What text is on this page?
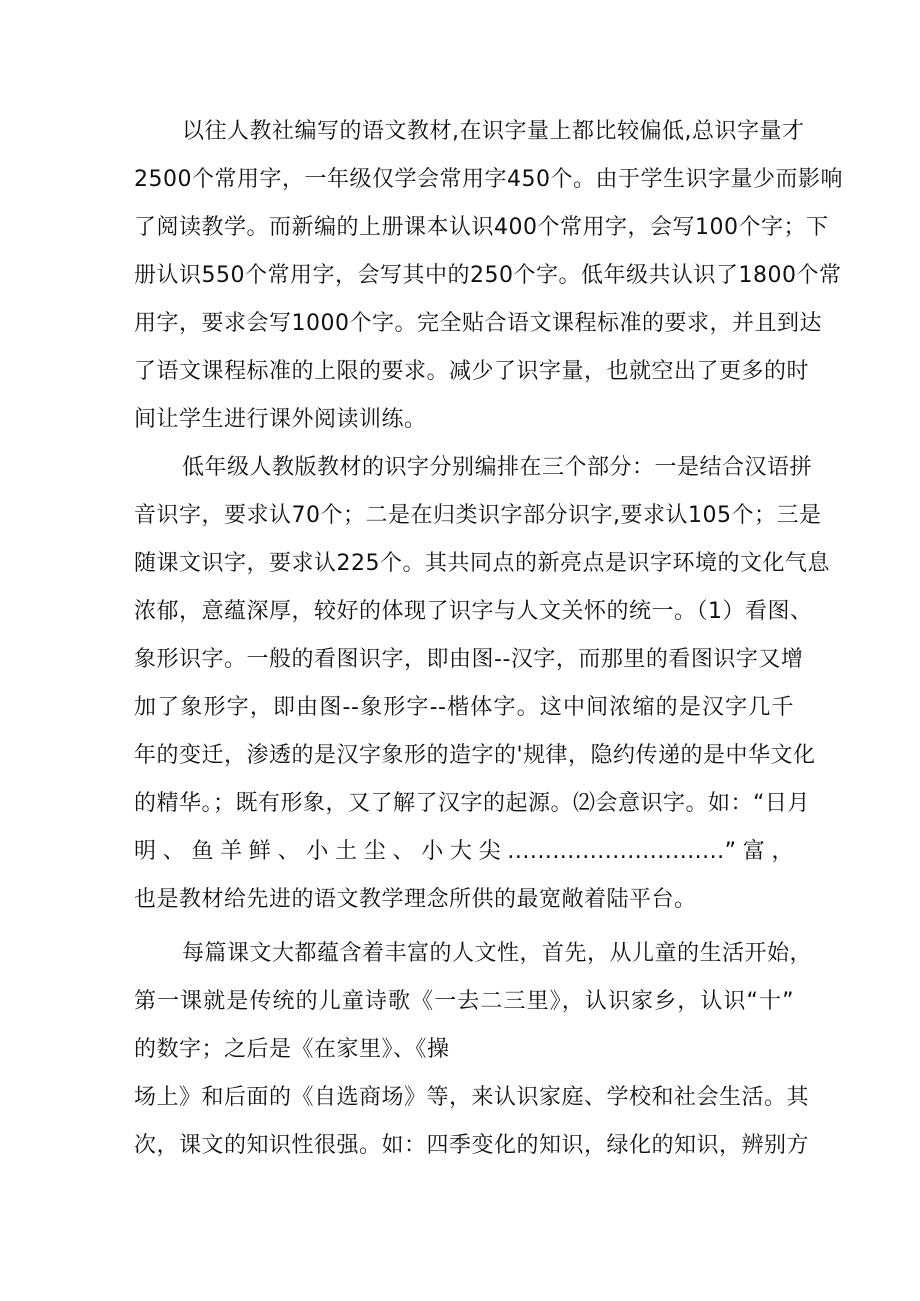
以往人教社编写的语文教材,在识字量上都比较偏低,总识字量才
2500个常用字，一年级仅学会常用字450个。由于学生识字量少而影响
了阅读教学。而新编的上册课本认识400个常用字，会写100个字；下
册认识550个常用字，会写其中的250个字。低年级共认识了1800个常
用字，要求会写1000个字。完全贴合语文课程标准的要求，并且到达
了语文课程标准的上限的要求。减少了识字量，也就空出了更多的时
间让学生进行课外阅读训练。
低年级人教版教材的识字分别编排在三个部分：一是结合汉语拼
音识字，要求认70个；二是在归类识字部分识字,要求认105个；三是
随课文识字，要求认225个。其共同点的新亮点是识字环境的文化气息
浓郁，意蕴深厚，较好的体现了识字与人文关怀的统一。（1）看图、
象形识字。一般的看图识字，即由图--汉字，而那里的看图识字又增
加了象形字，即由图--象形字--楷体字。这中间浓缩的是汉字几千
年的变迁，渗透的是汉字象形的造字的'规律，隐约传递的是中华文化
的精华。；既有形象，又了解了汉字的起源。⑵会意识字。如：“日月
明、鱼羊鲜、小土尘、小大尖.............................”富，
也是教材给先进的语文教学理念所供的最宽敞着陆平台。
每篇课文大都蕴含着丰富的人文性，首先，从儿童的生活开始，
第一课就是传统的儿童诗歌《一去二三里》，认识家乡，认识“十”
的数字；之后是《在家里》、《操
场上》和后面的《自选商场》等，来认识家庭、学校和社会生活。其
次，课文的知识性很强。如：四季变化的知识，绿化的知识，辨别方
